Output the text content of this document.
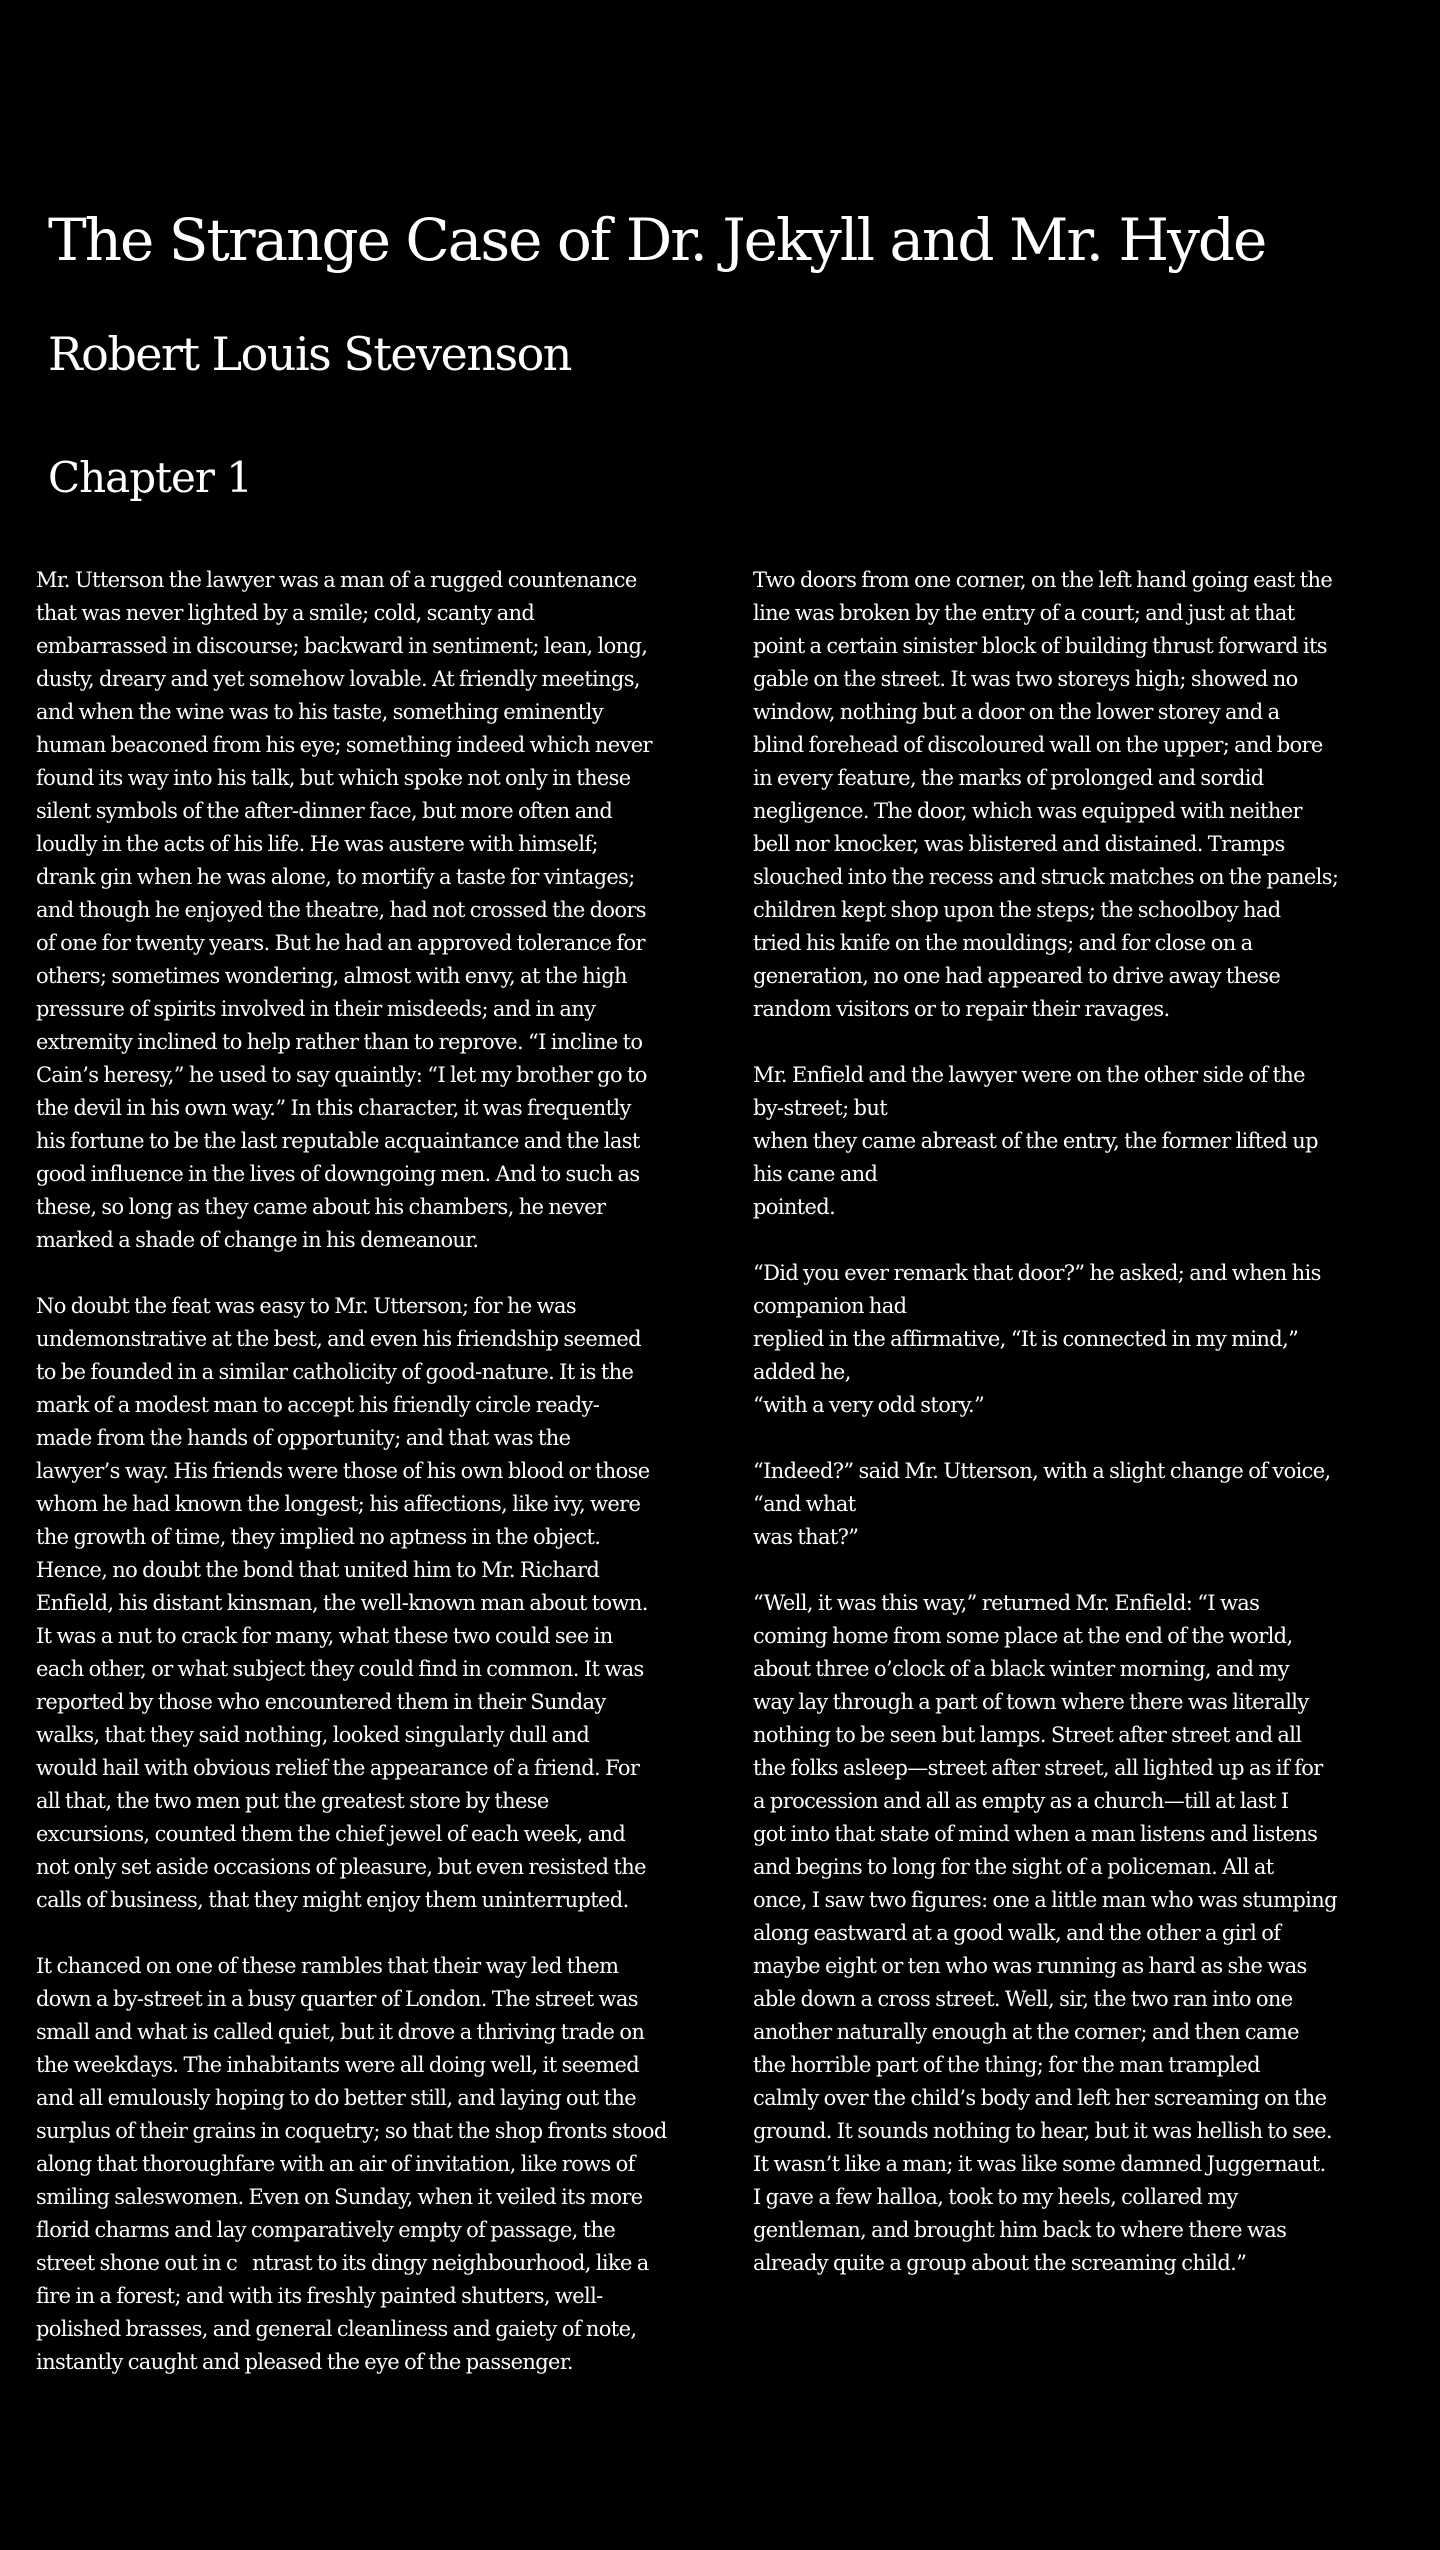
The Strange Case of Dr. Jekyll and Mr. Hyde
Robert Louis Stevenson
Chapter 1

Mr. Utterson the lawyer was a man of a rugged countenance
that was never lighted by a smile; cold, scanty and
embarrassed in discourse; backward in sentiment; lean, long,
dusty, dreary and yet somehow lovable. At friendly meetings,
and when the wine was to his taste, something eminently
human beaconed from his eye; something indeed which never
found its way into his talk, but which spoke not only in these
silent symbols of the after-dinner face, but more often and
loudly in the acts of his life. He was austere with himself;
drank gin when he was alone, to mortify a taste for vintages;
and though he enjoyed the theatre, had not crossed the doors
of one for twenty years. But he had an approved tolerance for
others; sometimes wondering, almost with envy, at the high
pressure of spirits involved in their misdeeds; and in any
extremity inclined to help rather than to reprove. “I incline to
Cain’s heresy,” he used to say quaintly: “I let my brother go to
the devil in his own way.” In this character, it was frequently
his fortune to be the last reputable acquaintance and the last
good influence in the lives of downgoing men. And to such as
these, so long as they came about his chambers, he never
marked a shade of change in his demeanour.

No doubt the feat was easy to Mr. Utterson; for he was
undemonstrative at the best, and even his friendship seemed
to be founded in a similar catholicity of good-nature. It is the
mark of a modest man to accept his friendly circle ready-
made from the hands of opportunity; and that was the
lawyer’s way. His friends were those of his own blood or those
whom he had known the longest; his affections, like ivy, were
the growth of time, they implied no aptness in the object.
Hence, no doubt the bond that united him to Mr. Richard
Enfield, his distant kinsman, the well-known man about town.
It was a nut to crack for many, what these two could see in
each other, or what subject they could find in common. It was
reported by those who encountered them in their Sunday
walks, that they said nothing, looked singularly dull and
would hail with obvious relief the appearance of a friend. For
all that, the two men put the greatest store by these
excursions, counted them the chief jewel of each week, and
not only set aside occasions of pleasure, but even resisted the
calls of business, that they might enjoy them uninterrupted.

It chanced on one of these rambles that their way led them
down a by-street in a busy quarter of London. The street was
small and what is called quiet, but it drove a thriving trade on
the weekdays. The inhabitants were all doing well, it seemed
and all emulously hoping to do better still, and laying out the
surplus of their grains in coquetry; so that the shop fronts stood
along that thoroughfare with an air of invitation, like rows of
smiling saleswomen. Even on Sunday, when it veiled its more
florid charms and lay comparatively empty of passage, the
street shone out in c   ntrast to its dingy neighbourhood, like a
fire in a forest; and with its freshly painted shutters, well-
polished brasses, and general cleanliness and gaiety of note,
instantly caught and pleased the eye of the passenger.

Two doors from one corner, on the left hand going east the
line was broken by the entry of a court; and just at that
point a certain sinister block of building thrust forward its
gable on the street. It was two storeys high; showed no
window, nothing but a door on the lower storey and a
blind forehead of discoloured wall on the upper; and bore
in every feature, the marks of prolonged and sordid
negligence. The door, which was equipped with neither
bell nor knocker, was blistered and distained. Tramps
slouched into the recess and struck matches on the panels;
children kept shop upon the steps; the schoolboy had
tried his knife on the mouldings; and for close on a
generation, no one had appeared to drive away these
random visitors or to repair their ravages.

Mr. Enfield and the lawyer were on the other side of the
by-street; but
when they came abreast of the entry, the former lifted up
his cane and
pointed.

“Did you ever remark that door?” he asked; and when his
companion had
replied in the affirmative, “It is connected in my mind,”
added he,
“with a very odd story.”

“Indeed?” said Mr. Utterson, with a slight change of voice,
“and what
was that?”

“Well, it was this way,” returned Mr. Enfield: “I was
coming home from some place at the end of the world,
about three o’clock of a black winter morning, and my
way lay through a part of town where there was literally
nothing to be seen but lamps. Street after street and all
the folks asleep—street after street, all lighted up as if for
a procession and all as empty as a church—till at last I
got into that state of mind when a man listens and listens
and begins to long for the sight of a policeman. All at
once, I saw two figures: one a little man who was stumping
along eastward at a good walk, and the other a girl of
maybe eight or ten who was running as hard as she was
able down a cross street. Well, sir, the two ran into one
another naturally enough at the corner; and then came
the horrible part of the thing; for the man trampled
calmly over the child’s body and left her screaming on the
ground. It sounds nothing to hear, but it was hellish to see.
It wasn’t like a man; it was like some damned Juggernaut.
I gave a few halloa, took to my heels, collared my
gentleman, and brought him back to where there was
already quite a group about the screaming child.”
